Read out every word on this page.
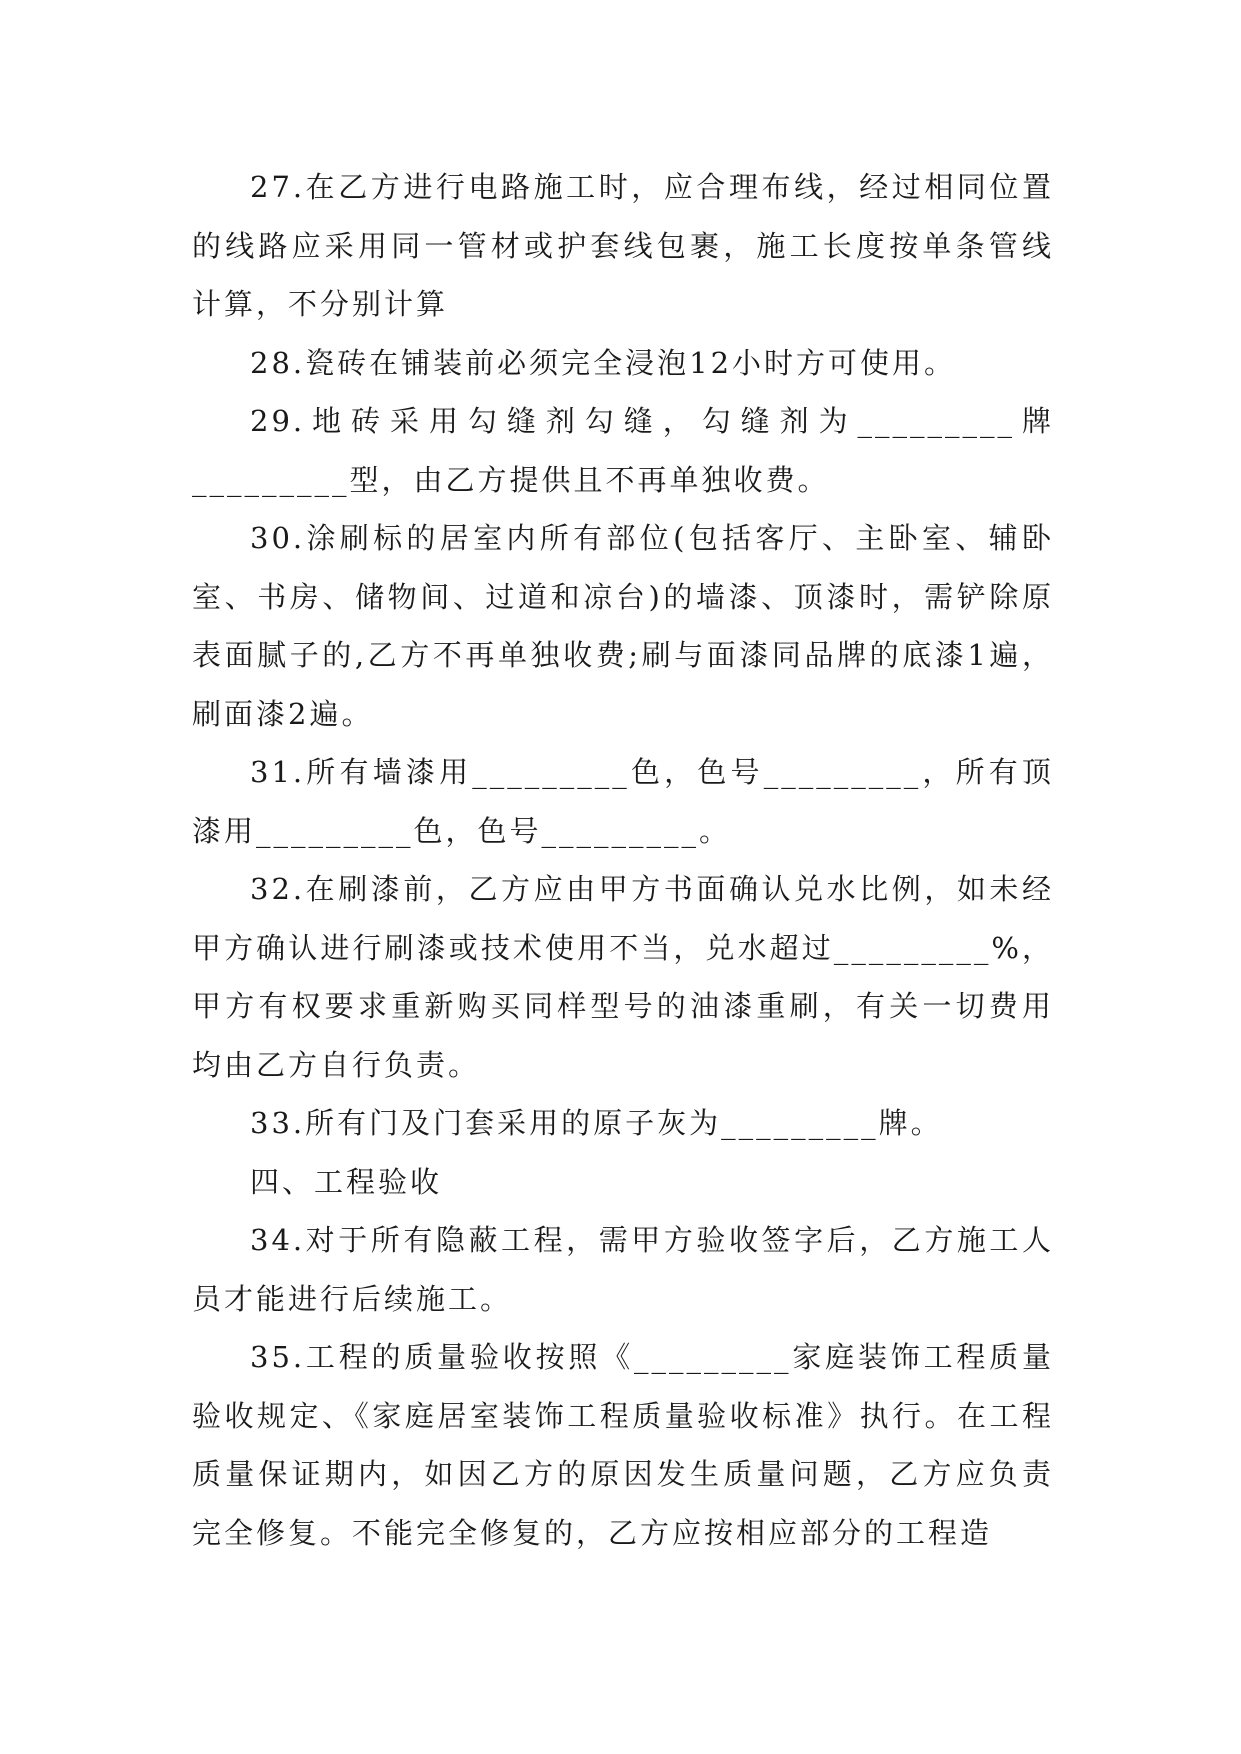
27.在乙方进行电路施工时，应合理布线，经过相同位置的线路应采用同一管材或护套线包裹，施工长度按单条管线计算，不分别计算

28.瓷砖在铺装前必须完全浸泡12小时方可使用。

29.地砖采用勾缝剂勾缝，勾缝剂为_________牌_________型，由乙方提供且不再单独收费。

30.涂刷标的居室内所有部位(包括客厅、主卧室、辅卧室、书房、储物间、过道和凉台)的墙漆、顶漆时，需铲除原表面腻子的,乙方不再单独收费;刷与面漆同品牌的底漆1遍，刷面漆2遍。

31.所有墙漆用_________色，色号_________，所有顶漆用_________色，色号_________。

32.在刷漆前，乙方应由甲方书面确认兑水比例，如未经甲方确认进行刷漆或技术使用不当，兑水超过_________%，甲方有权要求重新购买同样型号的油漆重刷，有关一切费用均由乙方自行负责。

33.所有门及门套采用的原子灰为_________牌。

四、工程验收

34.对于所有隐蔽工程，需甲方验收签字后，乙方施工人员才能进行后续施工。

35.工程的质量验收按照《_________家庭装饰工程质量验收规定、《家庭居室装饰工程质量验收标准》执行。在工程质量保证期内，如因乙方的原因发生质量问题，乙方应负责完全修复。不能完全修复的，乙方应按相应部分的工程造
